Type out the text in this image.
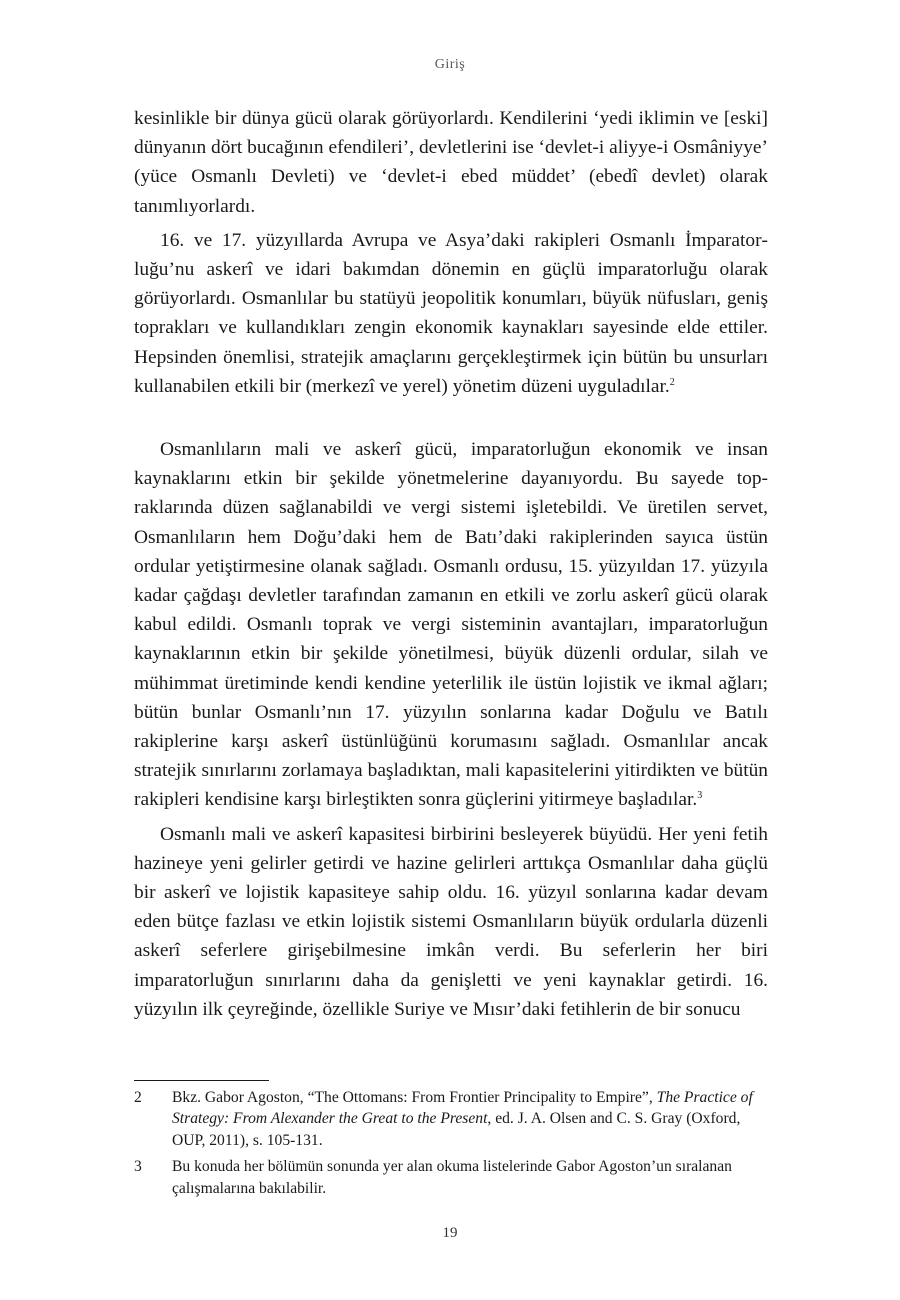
Giriş

kesinlikle bir dünya gücü olarak görüyorlardı. Kendilerini ‘yedi iklimin ve [eski] dünyanın dört bucağının efendileri’, devletlerini ise ‘devlet-i aliyye-i Osmâniyye’ (yüce Osmanlı Devleti) ve ‘devlet-i ebed müddet’ (ebedî devlet) olarak tanımlıyorlardı.

16. ve 17. yüzyıllarda Avrupa ve Asya’daki rakipleri Osmanlı İmparatorluğu’nu askerî ve idari bakımdan dönemin en güçlü imparatorluğu olarak görüyorlardı. Osmanlılar bu statüyü jeopolitik konumları, büyük nüfusları, geniş toprakları ve kullandıkları zengin ekonomik kaynakları sayesinde elde ettiler. Hepsinden önemlisi, stratejik amaçlarını gerçekleştirmek için bütün bu unsurları kullanabilen etkili bir (merkezî ve yerel) yönetim düzeni uyguladılar.$^2$

Osmanlıların mali ve askerî gücü, imparatorluğun ekonomik ve insan kaynaklarını etkin bir şekilde yönetmelerine dayanıyordu. Bu sayede topraklarında düzen sağlanabildi ve vergi sistemi işletebildi. Ve üretilen servet, Osmanlıların hem Doğu’daki hem de Batı’daki rakiplerinden sayıca üstün ordular yetiştirmesine olanak sağladı. Osmanlı ordusu, 15. yüzyıldan 17. yüzyıla kadar çağdaşı devletler tarafından zamanın en etkili ve zorlu askerî gücü olarak kabul edildi. Osmanlı toprak ve vergi sisteminin avantajları, imparatorluğun kaynaklarının etkin bir şekilde yönetilmesi, büyük düzenli ordular, silah ve mühimmat üretiminde kendi kendine yeterlilik ile üstün lojistik ve ikmal ağları; bütün bunlar Osmanlı’nın 17. yüzyılın sonlarına kadar Doğulu ve Batılı rakiplerine karşı askerî üstünlüğünü korumasını sağladı. Osmanlılar ancak stratejik sınırlarını zorlamaya başladıktan, mali kapasitelerini yitirdikten ve bütün rakipleri kendisine karşı birleştikten sonra güçlerini yitirmeye başladılar.$^3$

Osmanlı mali ve askerî kapasitesi birbirini besleyerek büyüdü. Her yeni fetih hazineye yeni gelirler getirdi ve hazine gelirleri arttıkça Osmanlılar daha güçlü bir askerî ve lojistik kapasiteye sahip oldu. 16. yüzyıl sonlarına kadar devam eden bütçe fazlası ve etkin lojistik sistemi Osmanlıların büyük ordularla düzenli askerî seferlere girişebilmesine imkân verdi. Bu seferlerin her biri imparatorluğun sınırlarını daha da genişletti ve yeni kaynaklar getirdi. 16. yüzyılın ilk çeyreğinde, özellikle Suriye ve Mısır’daki fetihlerin de bir sonucu

2	Bkz. Gabor Agoston, “The Ottomans: From Frontier Principality to Empire”, The Practice of Strategy: From Alexander the Great to the Present, ed. J. A. Olsen and C. S. Gray (Oxford, OUP, 2011), s. 105-131.
3	Bu konuda her bölümün sonunda yer alan okuma listelerinde Gabor Agoston’un sıralanan çalışmalarına bakılabilir.
19
